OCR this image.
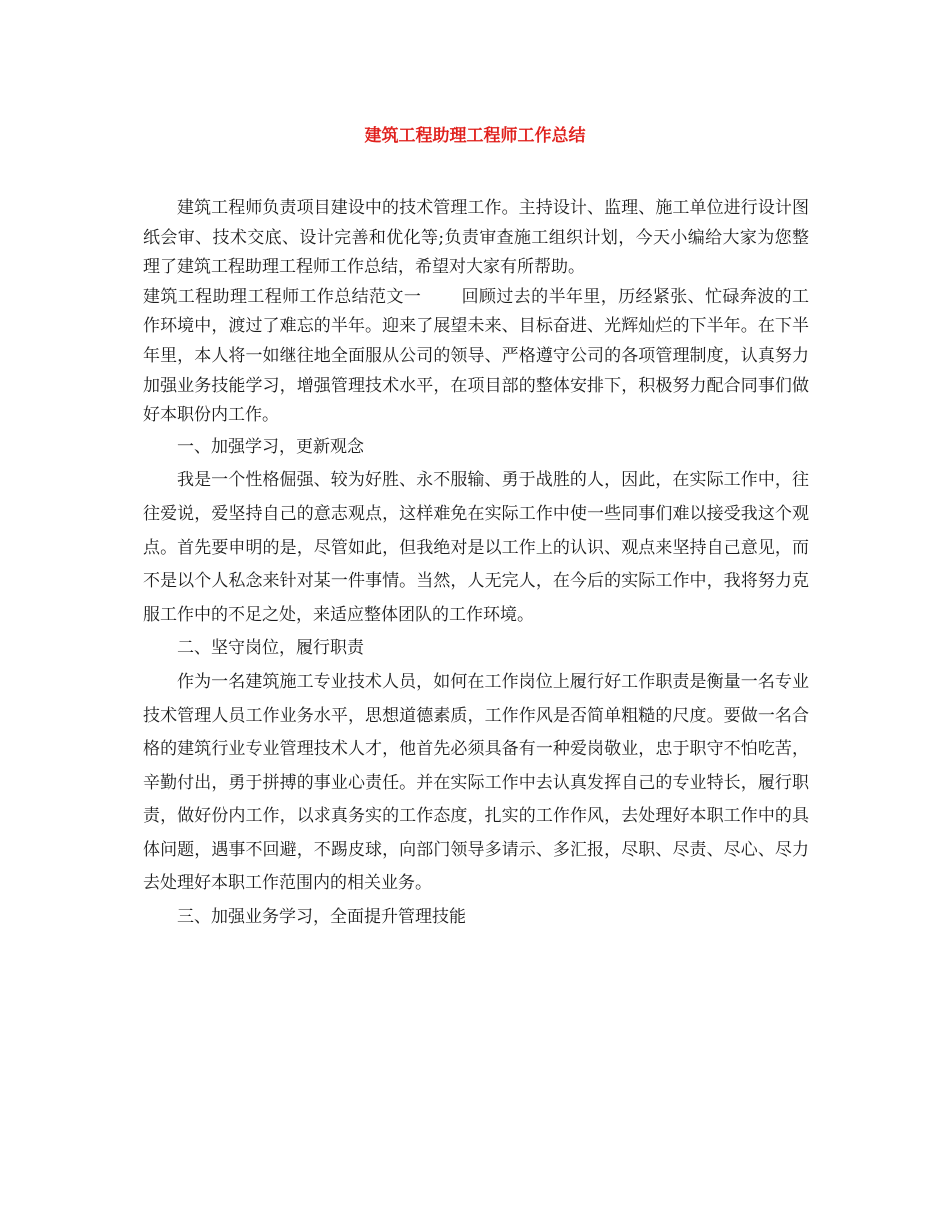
建筑工程助理工程师工作总结

建筑工程师负责项目建设中的技术管理工作。主持设计、监理、施工单位进行设计图纸会审、技术交底、设计完善和优化等;负责审查施工组织计划，今天小编给大家为您整理了建筑工程助理工程师工作总结，希望对大家有所帮助。

建筑工程助理工程师工作总结范文一 回顾过去的半年里，历经紧张、忙碌奔波的工作环境中，渡过了难忘的半年。迎来了展望未来、目标奋进、光辉灿烂的下半年。在下半年里，本人将一如继往地全面服从公司的领导、严格遵守公司的各项管理制度，认真努力加强业务技能学习，增强管理技术水平，在项目部的整体安排下，积极努力配合同事们做好本职份内工作。

一、加强学习，更新观念

我是一个性格倔强、较为好胜、永不服输、勇于战胜的人，因此，在实际工作中，往往爱说，爱坚持自己的意志观点，这样难免在实际工作中使一些同事们难以接受我这个观点。首先要申明的是，尽管如此，但我绝对是以工作上的认识、观点来坚持自己意见，而不是以个人私念来针对某一件事情。当然，人无完人，在今后的实际工作中，我将努力克服工作中的不足之处，来适应整体团队的工作环境。

二、坚守岗位，履行职责

作为一名建筑施工专业技术人员，如何在工作岗位上履行好工作职责是衡量一名专业技术管理人员工作业务水平，思想道德素质，工作作风是否简单粗糙的尺度。要做一名合格的建筑行业专业管理技术人才，他首先必须具备有一种爱岗敬业，忠于职守不怕吃苦，辛勤付出，勇于拼搏的事业心责任。并在实际工作中去认真发挥自己的专业特长，履行职责，做好份内工作，以求真务实的工作态度，扎实的工作作风，去处理好本职工作中的具体问题，遇事不回避，不踢皮球，向部门领导多请示、多汇报，尽职、尽责、尽心、尽力去处理好本职工作范围内的相关业务。

三、加强业务学习，全面提升管理技能
